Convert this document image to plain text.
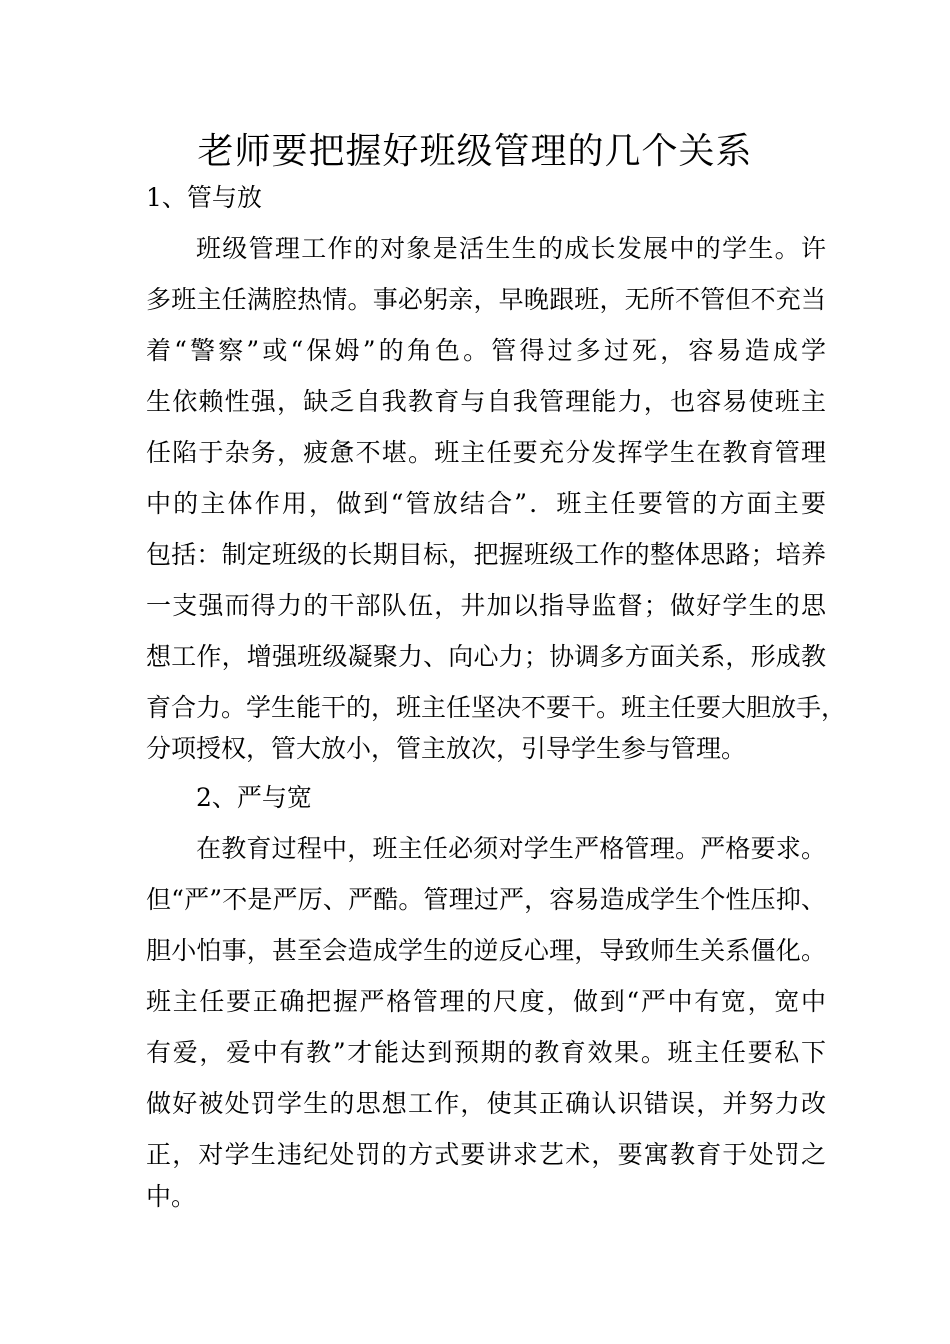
老师要把握好班级管理的几个关系
1、管与放
班级管理工作的对象是活生生的成长发展中的学生。许
多班主任满腔热情。事必躬亲，早晚跟班，无所不管但不充当
着“警察”或“保姆”的角色。管得过多过死，容易造成学
生依赖性强，缺乏自我教育与自我管理能力，也容易使班主
任陷于杂务，疲惫不堪。班主任要充分发挥学生在教育管理
中的主体作用，做到“管放结合”．班主任要管的方面主要
包括：制定班级的长期目标，把握班级工作的整体思路；培养
一支强而得力的干部队伍，井加以指导监督；做好学生的思
想工作，增强班级凝聚力、向心力；协调多方面关系，形成教
育合力。学生能干的，班主任坚决不要干。班主任要大胆放手，
分项授权，管大放小，管主放次，引导学生参与管理。
2、严与宽
在教育过程中，班主任必须对学生严格管理。严格要求。
但“严”不是严厉、严酷。管理过严，容易造成学生个性压抑、
胆小怕事，甚至会造成学生的逆反心理，导致师生关系僵化。
班主任要正确把握严格管理的尺度，做到“严中有宽，宽中
有爱，爱中有教”才能达到预期的教育效果。班主任要私下
做好被处罚学生的思想工作，使其正确认识错误，并努力改
正，对学生违纪处罚的方式要讲求艺术，要寓教育于处罚之
中。
